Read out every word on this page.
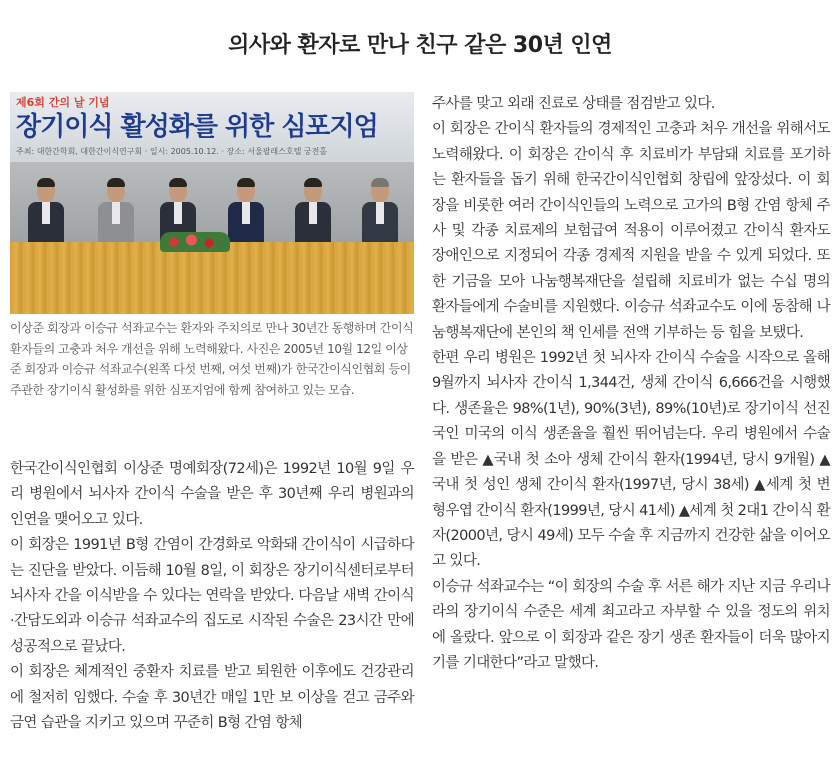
의사와 환자로 만나 친구 같은 30년 인연
제6회 간의 날 기념
장기이식 활성화를 위한 심포지엄
주최: 대한간학회, 대한간이식연구회 · 일시: 2005.10.12. · 장소: 서울팔래스호텔 궁전홀
이상준 회장과 이승규 석좌교수는 환자와 주치의로 만나 30년간 동행하며 간이식 환자들의 고충과 처우 개선을 위해 노력해왔다. 사진은 2005년 10월 12일 이상준 회장과 이승규 석좌교수(왼쪽 다섯 번째, 여섯 번째)가 한국간이식인협회 등이 주관한 장기이식 활성화를 위한 심포지엄에 함께 참여하고 있는 모습.

한국간이식인협회 이상준 명예회장(72세)은 1992년 10월 9일 우리 병원에서 뇌사자 간이식 수술을 받은 후 30년째 우리 병원과의 인연을 맺어오고 있다.

이 회장은 1991년 B형 간염이 간경화로 악화돼 간이식이 시급하다는 진단을 받았다. 이듬해 10월 8일, 이 회장은 장기이식센터로부터 뇌사자 간을 이식받을 수 있다는 연락을 받았다. 다음날 새벽 간이식·간담도외과 이승규 석좌교수의 집도로 시작된 수술은 23시간 만에 성공적으로 끝났다.

이 회장은 체계적인 중환자 치료를 받고 퇴원한 이후에도 건강관리에 철저히 임했다. 수술 후 30년간 매일 1만 보 이상을 걷고 금주와 금연 습관을 지키고 있으며 꾸준히 B형 간염 항체

주사를 맞고 외래 진료로 상태를 점검받고 있다.

이 회장은 간이식 환자들의 경제적인 고충과 처우 개선을 위해서도 노력해왔다. 이 회장은 간이식 후 치료비가 부담돼 치료를 포기하는 환자들을 돕기 위해 한국간이식인협회 창립에 앞장섰다. 이 회장을 비롯한 여러 간이식인들의 노력으로 고가의 B형 간염 항체 주사 및 각종 치료제의 보험급여 적용이 이루어졌고 간이식 환자도 장애인으로 지정되어 각종 경제적 지원을 받을 수 있게 되었다. 또한 기금을 모아 나눔행복재단을 설립해 치료비가 없는 수십 명의 환자들에게 수술비를 지원했다. 이승규 석좌교수도 이에 동참해 나눔행복재단에 본인의 책 인세를 전액 기부하는 등 힘을 보탰다.

한편 우리 병원은 1992년 첫 뇌사자 간이식 수술을 시작으로 올해 9월까지 뇌사자 간이식 1,344건, 생체 간이식 6,666건을 시행했다. 생존율은 98%(1년), 90%(3년), 89%(10년)로 장기이식 선진국인 미국의 이식 생존율을 훨씬 뛰어넘는다. 우리 병원에서 수술을 받은 ▲국내 첫 소아 생체 간이식 환자(1994년, 당시 9개월) ▲국내 첫 성인 생체 간이식 환자(1997년, 당시 38세) ▲세계 첫 변형우엽 간이식 환자(1999년, 당시 41세) ▲세계 첫 2대1 간이식 환자(2000년, 당시 49세) 모두 수술 후 지금까지 건강한 삶을 이어오고 있다.

이승규 석좌교수는 “이 회장의 수술 후 서른 해가 지난 지금 우리나라의 장기이식 수준은 세계 최고라고 자부할 수 있을 정도의 위치에 올랐다. 앞으로 이 회장과 같은 장기 생존 환자들이 더욱 많아지기를 기대한다”라고 말했다.
